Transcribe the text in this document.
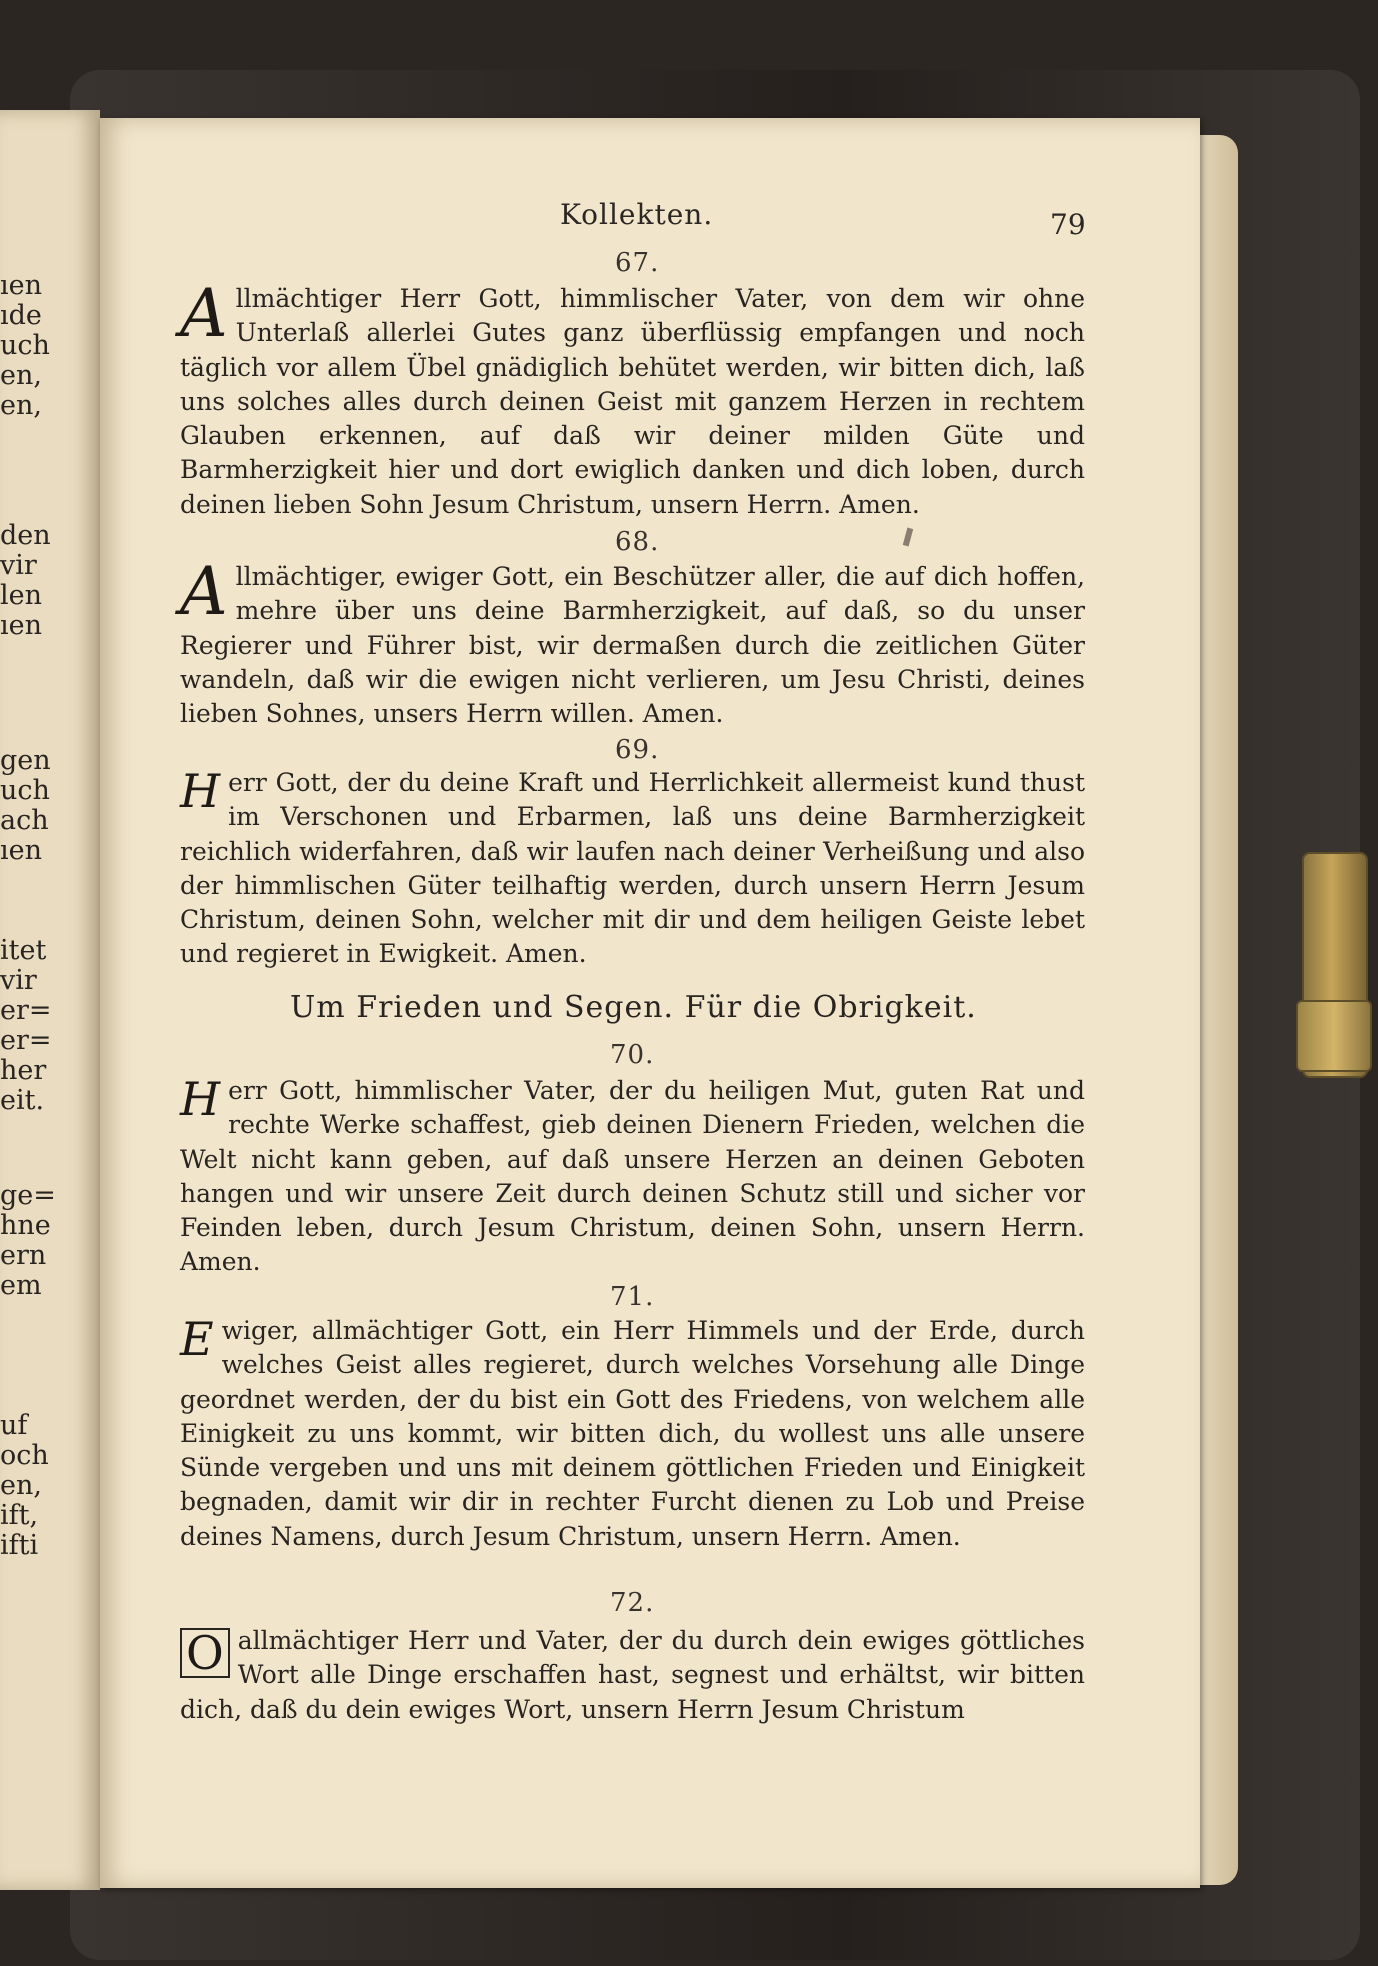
ıen
ıde
uch
en,
en,
den
vir
len
ıen
gen
uch
ach
ıen
itet
vir
er=
er=
her
eit.
ge=
hne
ern
em
uf
och
en,
ift,
ifti
Kollekten.	79
67.

Allmächtiger Herr Gott, himmlischer Vater, von dem wir ohne Unterlaß allerlei Gutes ganz überflüssig empfangen und noch täglich vor allem Übel gnädiglich behütet werden, wir bitten dich, laß uns solches alles durch deinen Geist mit ganzem Herzen in rechtem Glauben erkennen, auf daß wir deiner milden Güte und Barmherzigkeit hier und dort ewiglich danken und dich loben, durch deinen lieben Sohn Jesum Christum, unsern Herrn. Amen.

68.

Allmächtiger, ewiger Gott, ein Beschützer aller, die auf dich hoffen, mehre über uns deine Barmherzigkeit, auf daß, so du unser Regierer und Führer bist, wir dermaßen durch die zeitlichen Güter wandeln, daß wir die ewigen nicht verlieren, um Jesu Christi, deines lieben Sohnes, unsers Herrn willen. Amen.

69.

Herr Gott, der du deine Kraft und Herrlichkeit allermeist kund thust im Verschonen und Erbarmen, laß uns deine Barmherzigkeit reichlich widerfahren, daß wir laufen nach deiner Verheißung und also der himmlischen Güter teilhaftig werden, durch unsern Herrn Jesum Christum, deinen Sohn, welcher mit dir und dem heiligen Geiste lebet und regieret in Ewigkeit. Amen.

Um Frieden und Segen. Für die Obrigkeit.
70.

Herr Gott, himmlischer Vater, der du heiligen Mut, guten Rat und rechte Werke schaffest, gieb deinen Dienern Frieden, welchen die Welt nicht kann geben, auf daß unsere Herzen an deinen Geboten hangen und wir unsere Zeit durch deinen Schutz still und sicher vor Feinden leben, durch Jesum Christum, deinen Sohn, unsern Herrn. Amen.

71.

Ewiger, allmächtiger Gott, ein Herr Himmels und der Erde, durch welches Geist alles regieret, durch welches Vorsehung alle Dinge geordnet werden, der du bist ein Gott des Friedens, von welchem alle Einigkeit zu uns kommt, wir bitten dich, du wollest uns alle unsere Sünde vergeben und uns mit deinem göttlichen Frieden und Einigkeit begnaden, damit wir dir in rechter Furcht dienen zu Lob und Preise deines Namens, durch Jesum Christum, unsern Herrn. Amen.

72.

O allmächtiger Herr und Vater, der du durch dein ewiges göttliches Wort alle Dinge erschaffen hast, segnest und erhältst, wir bitten dich, daß du dein ewiges Wort, unsern Herrn Jesum Christum
